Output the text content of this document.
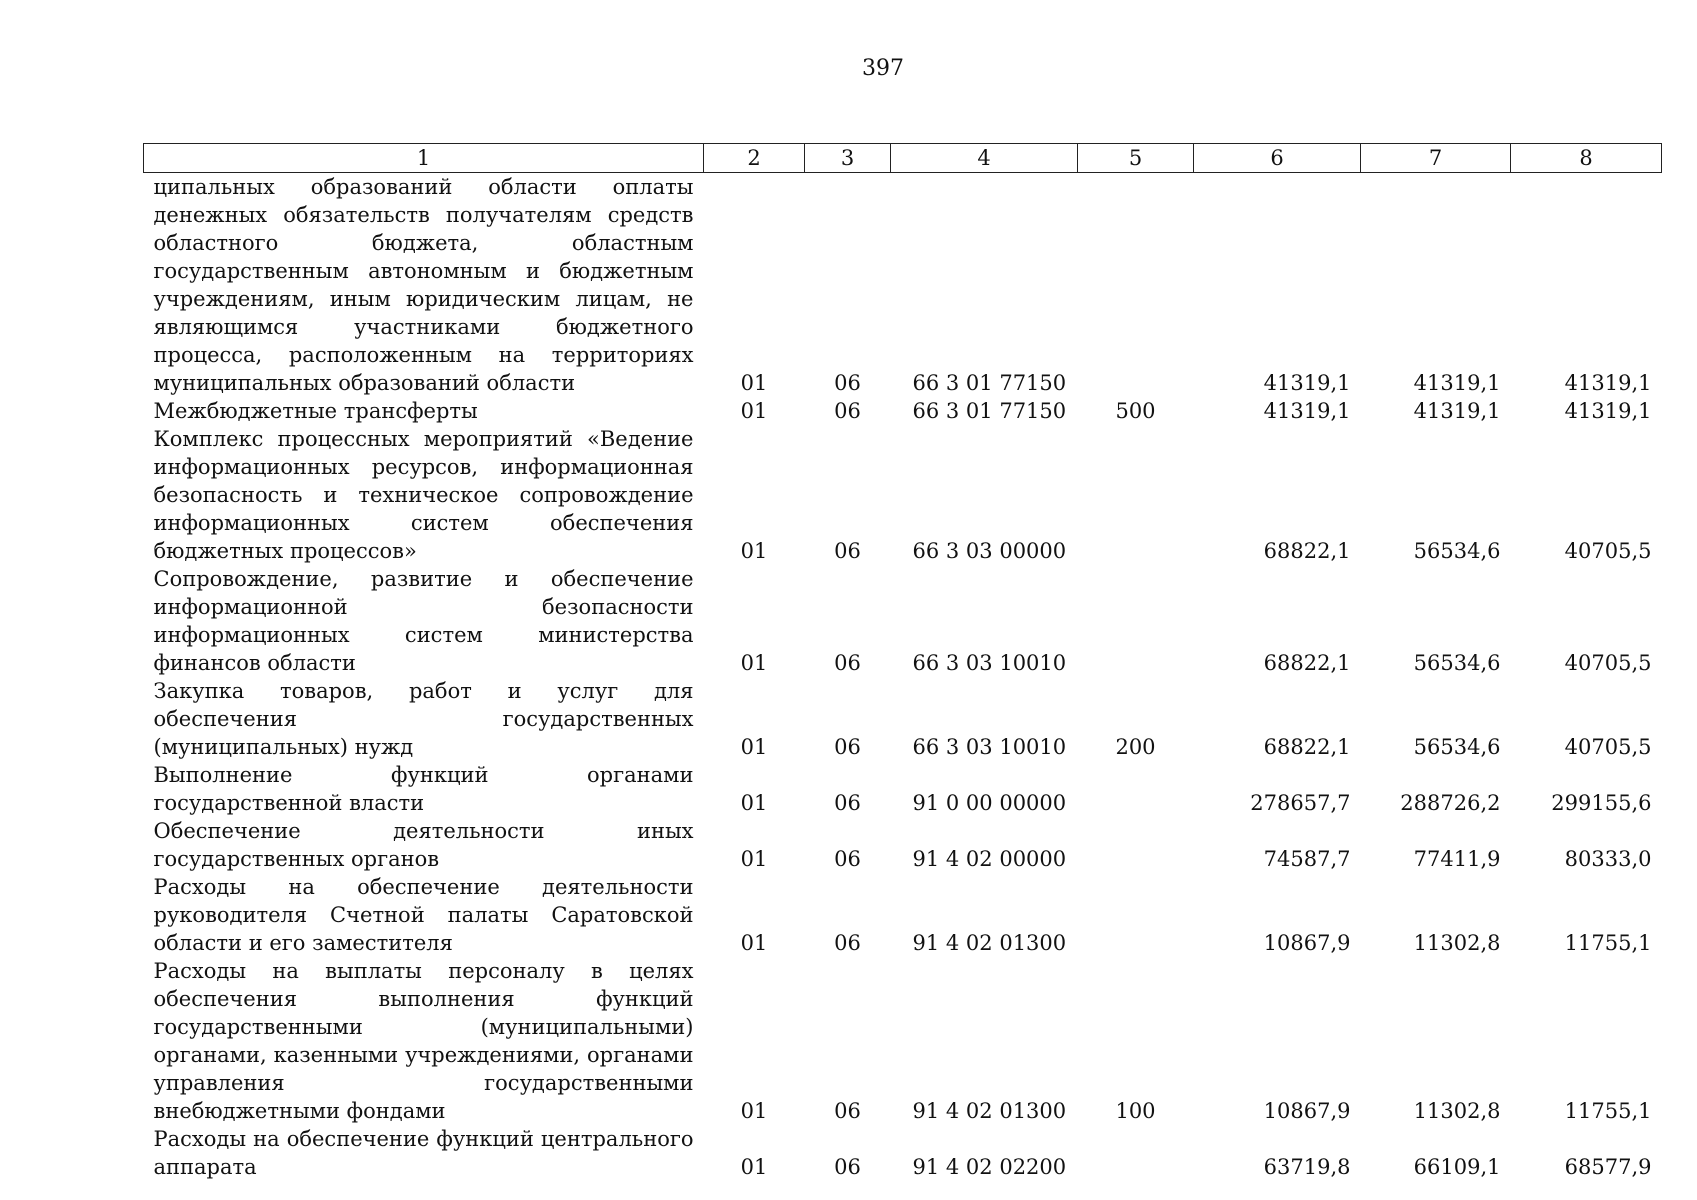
397
1	2	3	4	5	6	7	8

ципальных образований области оплаты денежных обязательств получателям средств областного бюджета, областным государственным автономным и бюджетным учреждениям, иным юридическим лицам, не являющимся участниками бюджетного процесса, расположенным на территориях муниципальных образований области	01	06	66 3 01 77150		41319,1	41319,1	41319,1

Межбюджетные трансферты	01	06	66 3 01 77150	500	41319,1	41319,1	41319,1

Комплекс процессных мероприятий «Ведение информационных ресурсов, информационная безопасность и техническое сопровождение информационных систем обеспечения бюджетных процессов»	01	06	66 3 03 00000		68822,1	56534,6	40705,5

Сопровождение, развитие и обеспечение информационной безопасности информационных систем министерства финансов области	01	06	66 3 03 10010		68822,1	56534,6	40705,5

Закупка товаров, работ и услуг для обеспечения государственных (муниципальных) нужд	01	06	66 3 03 10010	200	68822,1	56534,6	40705,5

Выполнение функций органами государственной власти	01	06	91 0 00 00000		278657,7	288726,2	299155,6

Обеспечение деятельности иных государственных органов	01	06	91 4 02 00000		74587,7	77411,9	80333,0

Расходы на обеспечение деятельности руководителя Счетной палаты Саратовской области и его заместителя	01	06	91 4 02 01300		10867,9	11302,8	11755,1

Расходы на выплаты персоналу в целях обеспечения выполнения функций государственными (муниципальными) органами, казенными учреждениями, органами управления государственными внебюджетными фондами	01	06	91 4 02 01300	100	10867,9	11302,8	11755,1

Расходы на обеспечение функций центрального аппарата	01	06	91 4 02 02200		63719,8	66109,1	68577,9
